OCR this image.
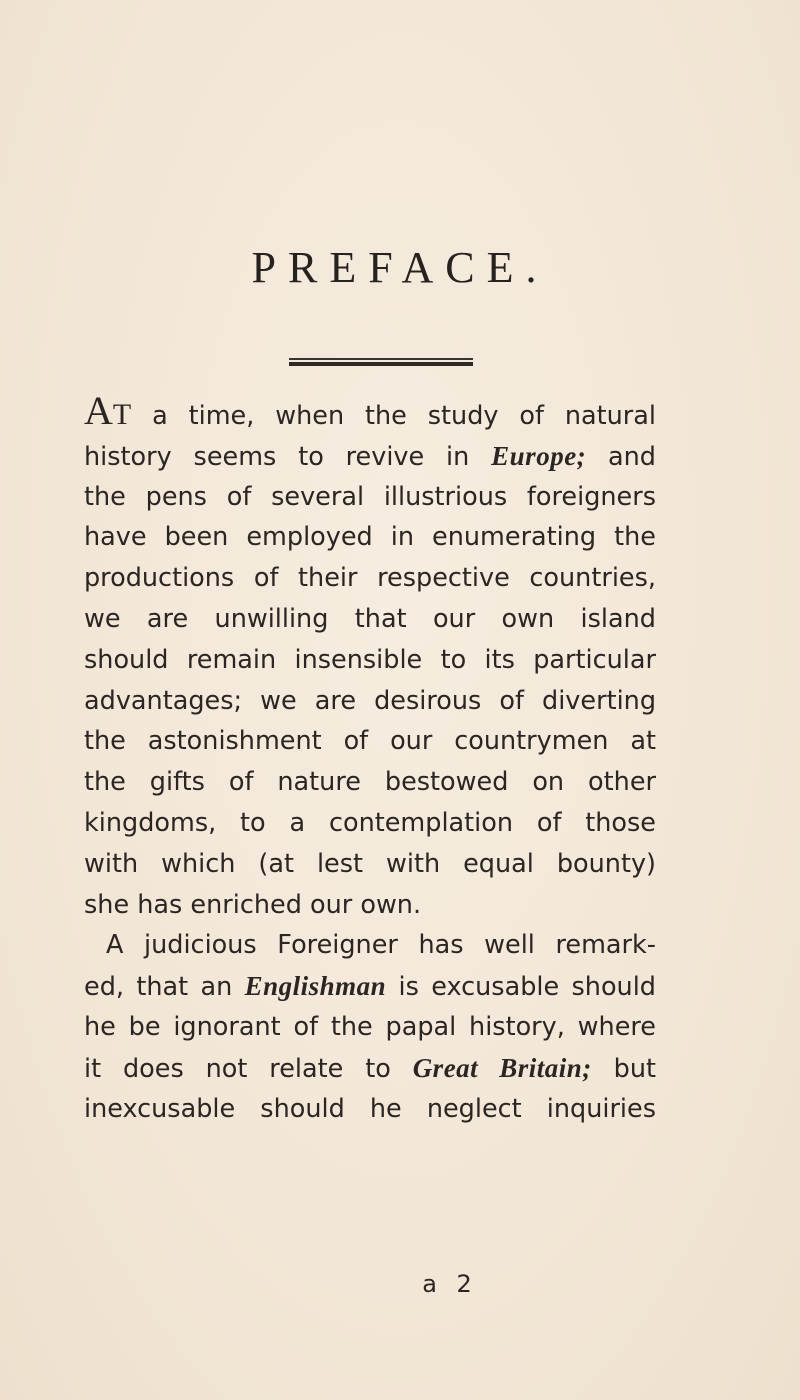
PREFACE.
AT a time, when the study of natural
history seems to revive in Europe; and
the pens of several illustrious foreigners
have been employed in enumerating the
productions of their respective countries,
we are unwilling that our own island
should remain insensible to its particular
advantages; we are desirous of diverting
the astonishment of our countrymen at
the gifts of nature bestowed on other
kingdoms, to a contemplation of those
with which (at lest with equal bounty)
she has enriched our own.
A judicious Foreigner has well remark-
ed, that an Englishman is excusable should
he be ignorant of the papal history, where
it does not relate to Great Britain; but
inexcusable should he neglect inquiries
a 2
